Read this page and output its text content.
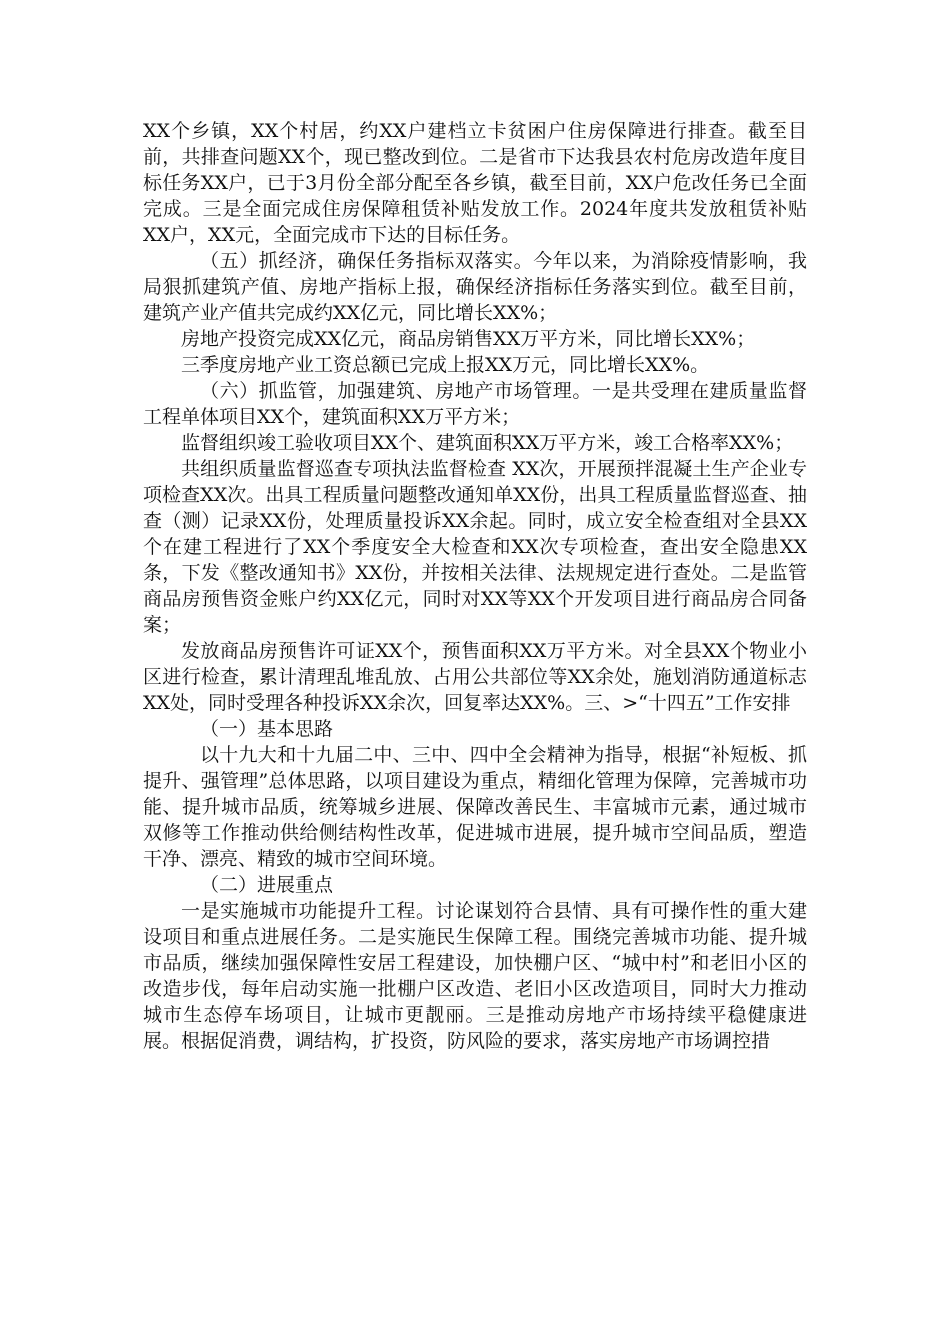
XX个乡镇，XX个村居，约XX户建档立卡贫困户住房保障进行排查。截至目前，共排查问题XX个，现已整改到位。二是省市下达我县农村危房改造年度目标任务XX户，已于3月份全部分配至各乡镇，截至目前，XX户危改任务已全面完成。三是全面完成住房保障租赁补贴发放工作。2024年度共发放租赁补贴XX户，XX元，全面完成市下达的目标任务。

（五）抓经济，确保任务指标双落实。今年以来，为消除疫情影响，我局狠抓建筑产值、房地产指标上报，确保经济指标任务落实到位。截至目前，建筑产业产值共完成约XX亿元，同比增长XX%；

房地产投资完成XX亿元，商品房销售XX万平方米，同比增长XX%；

三季度房地产业工资总额已完成上报XX万元，同比增长XX%。

（六）抓监管，加强建筑、房地产市场管理。一是共受理在建质量监督工程单体项目XX个，建筑面积XX万平方米；

监督组织竣工验收项目XX个、建筑面积XX万平方米，竣工合格率XX%；

共组织质量监督巡查专项执法监督检查 XX次，开展预拌混凝土生产企业专项检查XX次。出具工程质量问题整改通知单XX份，出具工程质量监督巡查、抽查（测）记录XX份，处理质量投诉XX余起。同时，成立安全检查组对全县XX个在建工程进行了XX个季度安全大检查和XX次专项检查，查出安全隐患XX条，下发《整改通知书》XX份，并按相关法律、法规规定进行查处。二是监管商品房预售资金账户约XX亿元，同时对XX等XX个开发项目进行商品房合同备案；

发放商品房预售许可证XX个，预售面积XX万平方米。对全县XX个物业小区进行检查，累计清理乱堆乱放、占用公共部位等XX余处，施划消防通道标志XX处，同时受理各种投诉XX余次，回复率达XX%。三、>“十四五”工作安排

（一）基本思路

以十九大和十九届二中、三中、四中全会精神为指导，根据“补短板、抓提升、强管理”总体思路，以项目建设为重点，精细化管理为保障，完善城市功能、提升城市品质，统筹城乡进展、保障改善民生、丰富城市元素，通过城市双修等工作推动供给侧结构性改革，促进城市进展，提升城市空间品质，塑造干净、漂亮、精致的城市空间环境。

（二）进展重点

一是实施城市功能提升工程。讨论谋划符合县情、具有可操作性的重大建设项目和重点进展任务。二是实施民生保障工程。围绕完善城市功能、提升城市品质，继续加强保障性安居工程建设，加快棚户区、“城中村”和老旧小区的改造步伐，每年启动实施一批棚户区改造、老旧小区改造项目，同时大力推动城市生态停车场项目，让城市更靓丽。三是推动房地产市场持续平稳健康进展。根据促消费，调结构，扩投资，防风险的要求，落实房地产市场调控措
